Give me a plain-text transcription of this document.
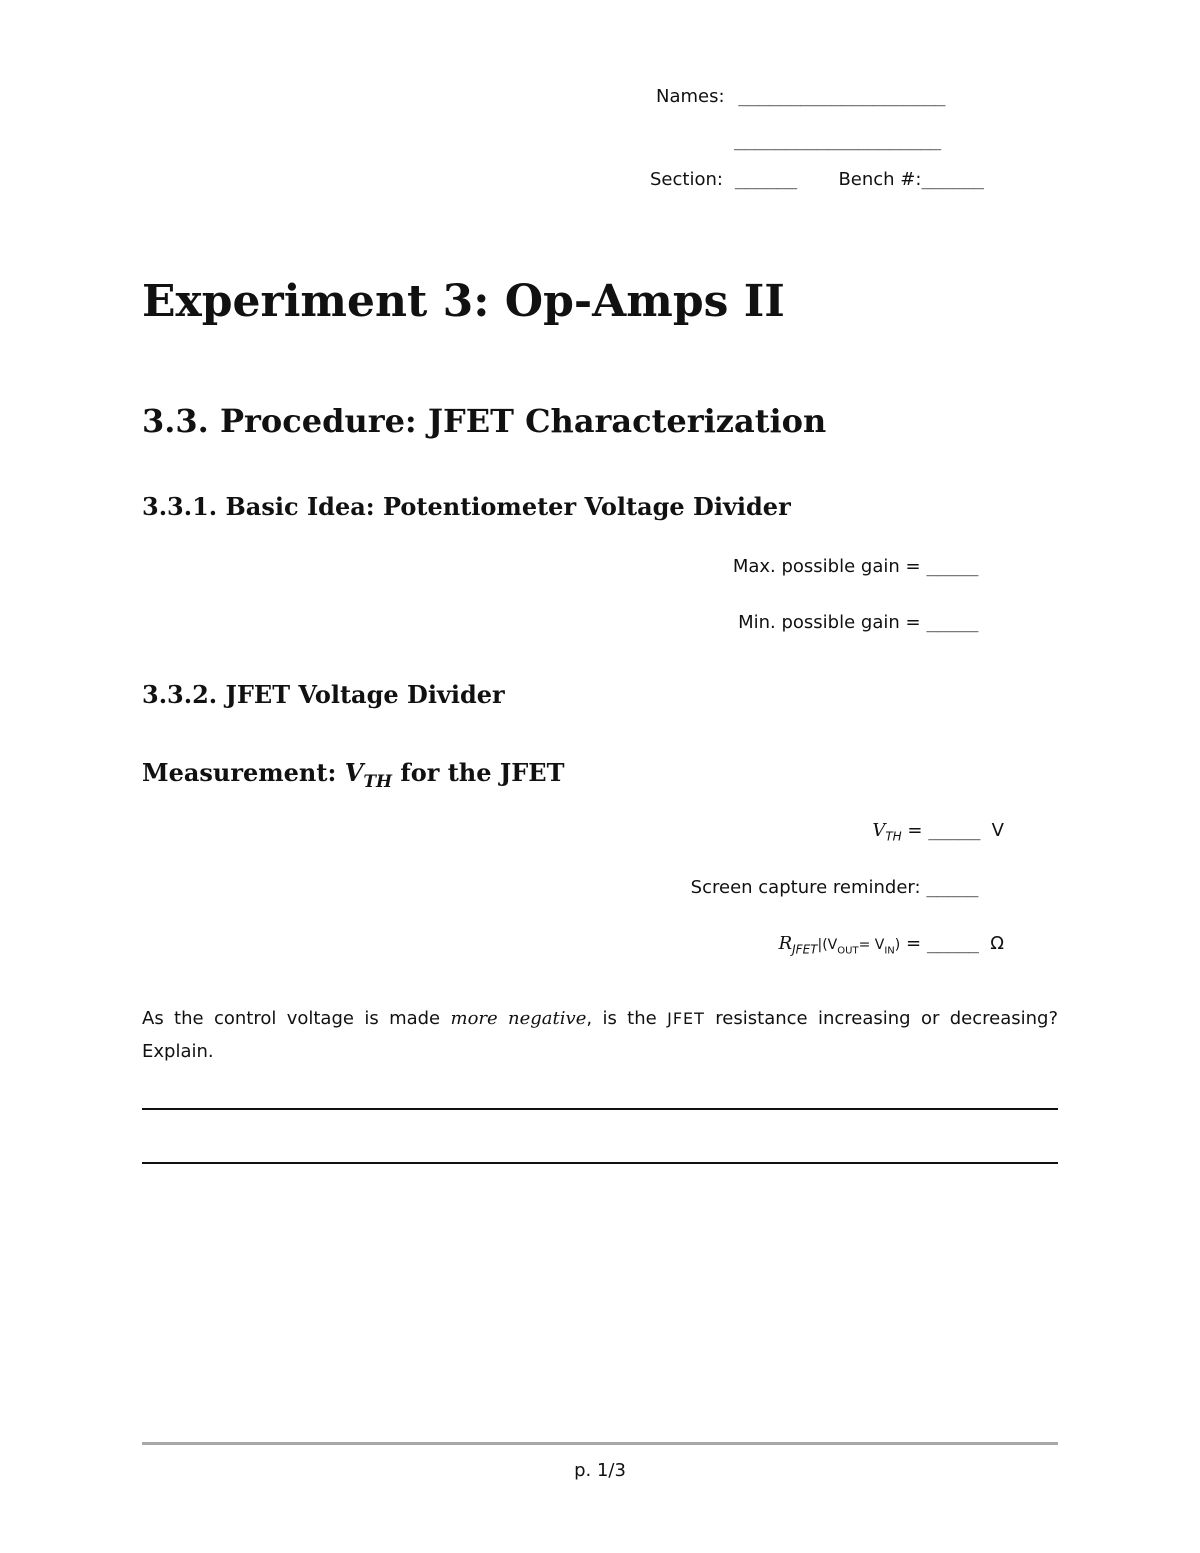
Names: ____________________
____________________
Section: ______ Bench #:______
Experiment 3: Op-Amps II
3.3. Procedure: JFET Characterization
3.3.1. Basic Idea: Potentiometer Voltage Divider
Max. possible gain = _____
Min. possible gain = _____
3.3.2. JFET Voltage Divider
Measurement: $V_{TH}$ for the JFET
$V_{TH}$ = _____ V
Screen capture reminder: _____
$R_{JFET}|(V_{OUT}= V_{IN})$ = _____ Ω
As the control voltage is made more negative, is the JFET resistance increasing or decreasing? Explain.
p. 1/3
